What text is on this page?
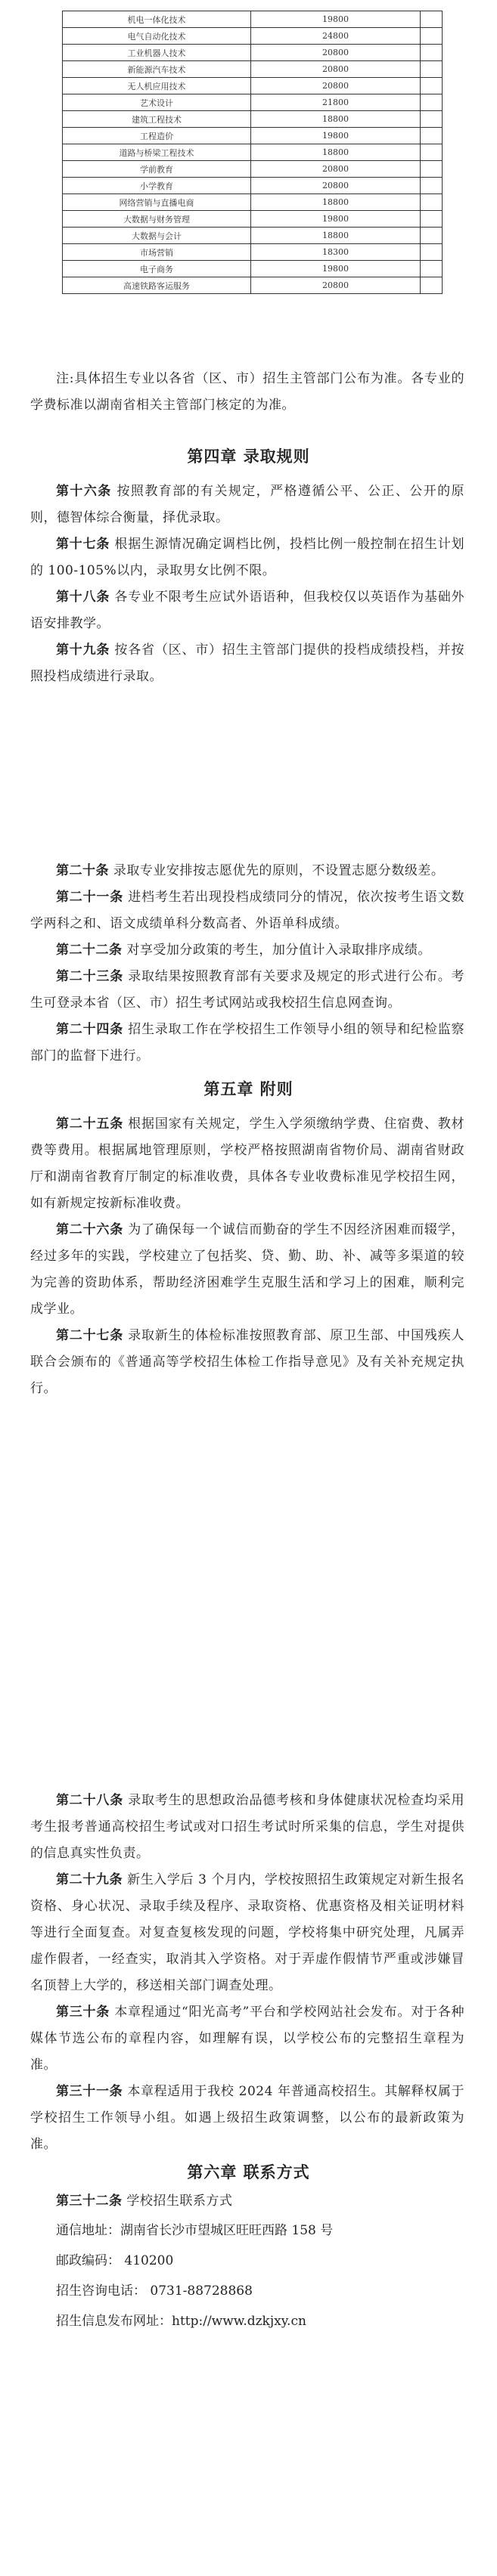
机电一体化技术	19800	
电气自动化技术	24800	
工业机器人技术	20800	
新能源汽车技术	20800	
无人机应用技术	20800	
艺术设计	21800	
建筑工程技术	18800	
工程造价	19800	
道路与桥梁工程技术	18800	
学前教育	20800	
小学教育	20800	
网络营销与直播电商	18800	
大数据与财务管理	19800	
大数据与会计	18800	
市场营销	18300	
电子商务	19800	
高速铁路客运服务	20800	
注:具体招生专业以各省（区、市）招生主管部门公布为准。各专业的学费标准以湖南省相关主管部门核定的为准。
第四章 录取规则
第十六条 按照教育部的有关规定，严格遵循公平、公正、公开的原则，德智体综合衡量，择优录取。
第十七条 根据生源情况确定调档比例，投档比例一般控制在招生计划的 100-105%以内，录取男女比例不限。
第十八条 各专业不限考生应试外语语种，但我校仅以英语作为基础外语安排教学。
第十九条 按各省（区、市）招生主管部门提供的投档成绩投档，并按照投档成绩进行录取。
第二十条 录取专业安排按志愿优先的原则，不设置志愿分数级差。
第二十一条 进档考生若出现投档成绩同分的情况，依次按考生语文数学两科之和、语文成绩单科分数高者、外语单科成绩。
第二十二条 对享受加分政策的考生，加分值计入录取排序成绩。
第二十三条 录取结果按照教育部有关要求及规定的形式进行公布。考生可登录本省（区、市）招生考试网站或我校招生信息网查询。
第二十四条 招生录取工作在学校招生工作领导小组的领导和纪检监察部门的监督下进行。
第五章 附则
第二十五条 根据国家有关规定，学生入学须缴纳学费、住宿费、教材费等费用。根据属地管理原则，学校严格按照湖南省物价局、湖南省财政厅和湖南省教育厅制定的标准收费，具体各专业收费标准见学校招生网，如有新规定按新标准收费。
第二十六条 为了确保每一个诚信而勤奋的学生不因经济困难而辍学，经过多年的实践，学校建立了包括奖、贷、勤、助、补、减等多渠道的较为完善的资助体系，帮助经济困难学生克服生活和学习上的困难，顺利完成学业。
第二十七条 录取新生的体检标准按照教育部、原卫生部、中国残疾人联合会颁布的《普通高等学校招生体检工作指导意见》及有关补充规定执行。
第二十八条 录取考生的思想政治品德考核和身体健康状况检查均采用考生报考普通高校招生考试或对口招生考试时所采集的信息，学生对提供的信息真实性负责。
第二十九条 新生入学后 3 个月内，学校按照招生政策规定对新生报名资格、身心状况、录取手续及程序、录取资格、优惠资格及相关证明材料等进行全面复查。对复查复核发现的问题，学校将集中研究处理，凡属弄虚作假者，一经查实，取消其入学资格。对于弄虚作假情节严重或涉嫌冒名顶替上大学的，移送相关部门调查处理。
第三十条 本章程通过“阳光高考”平台和学校网站社会发布。对于各种媒体节选公布的章程内容，如理解有误，以学校公布的完整招生章程为准。
第三十一条 本章程适用于我校 2024 年普通高校招生。其解释权属于学校招生工作领导小组。如遇上级招生政策调整，以公布的最新政策为准。
第六章 联系方式
第三十二条 学校招生联系方式
通信地址：湖南省长沙市望城区旺旺西路 158 号
邮政编码： 410200
招生咨询电话： 0731-88728868
招生信息发布网址：http://www.dzkjxy.cn
